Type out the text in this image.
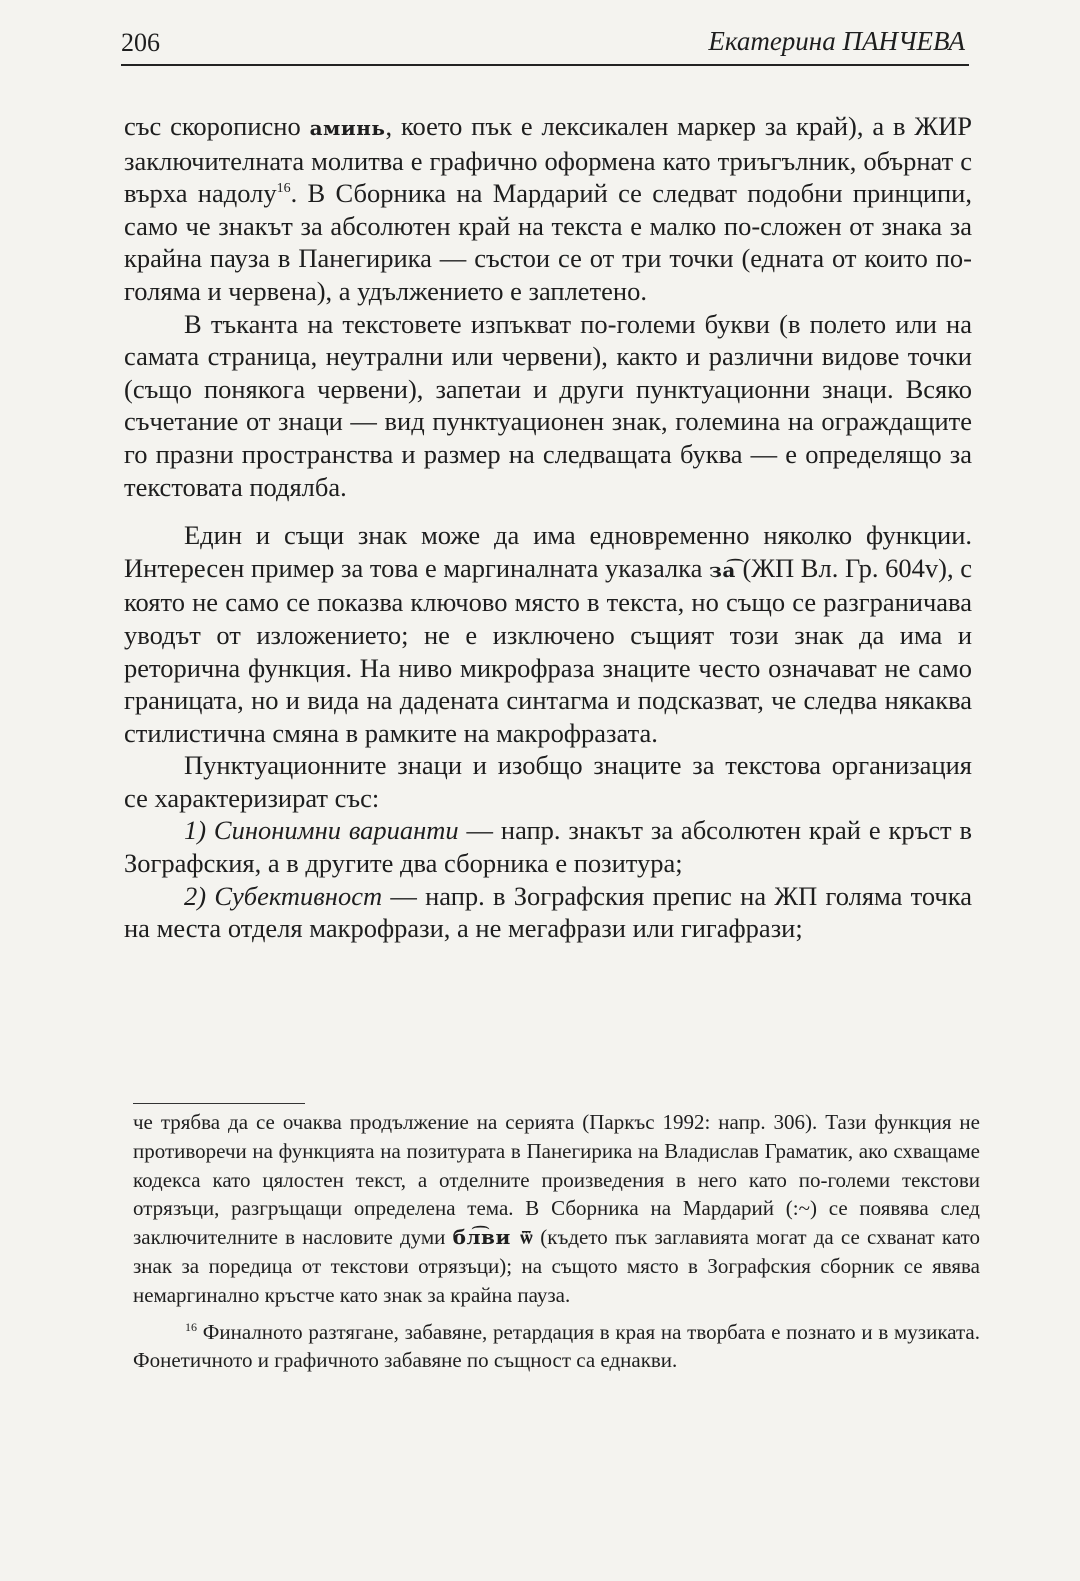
206	Екатерина ПАНЧЕВА

със скорописно аминь, което пък е лексикален маркер за край), а в ЖИР заключителната молитва е графично оформена като триъгълник, обърнат с върха надолу$^{16}$. В Сборника на Мардарий се следват подобни принципи, само че знакът за абсолютен край на текста е малко по-сложен от знака за крайна пауза в Панегирика — състои се от три точки (едната от които по-голяма и червена), а удължението е заплетено.

В тъканта на текстовете изпъкват по-големи букви (в полето или на самата страница, неутрални или червени), както и различни видове точки (също понякога червени), запетаи и други пунктуационни знаци. Всяко съчетание от знаци — вид пунктуационен знак, големина на ограждащите го празни пространства и размер на следващата буква — е определящо за текстовата подялба.

Един и същи знак може да има едновременно няколко функции. Интересен пример за това е маргиналната указалка за͡ (ЖП Вл. Гр. 604v), с която не само се показва ключово място в текста, но също се разграничава уводът от изложението; не е изключено същият този знак да има и реторична функция. На ниво микрофраза знаците често означават не само границата, но и вида на дадената синтагма и подсказват, че следва някаква стилистична смяна в рамките на макрофразата.

Пунктуационните знаци и изобщо знаците за текстова организация се характеризират със:

1) Синонимни варианти — напр. знакът за абсолютен край е кръст в Зографския, а в другите два сборника е позитура;

2) Субективност — напр. в Зографския препис на ЖП голяма точка на места отделя макрофрази, а не мегафрази или гигафрази;

че трябва да се очаква продължение на серията (Паркъс 1992: напр. 306). Тази функция не противоречи на функцията на позитурата в Панегирика на Владислав Граматик, ако схващаме кодекса като цялостен текст, а отделните произведения в него като по-големи текстови отрязъци, разгръщащи определена тема. В Сборника на Мардарий (:~) се появява след заключителните в насловите думи бл͡ви ѿ (където пък заглавията могат да се схванат като знак за поредица от текстови отрязъци); на същото място в Зографския сборник се явява немаргинално кръстче като знак за крайна пауза.

$^{16}$ Финалното разтягане, забавяне, ретардация в края на творбата е познато и в музиката. Фонетичното и графичното забавяне по същност са еднакви.
